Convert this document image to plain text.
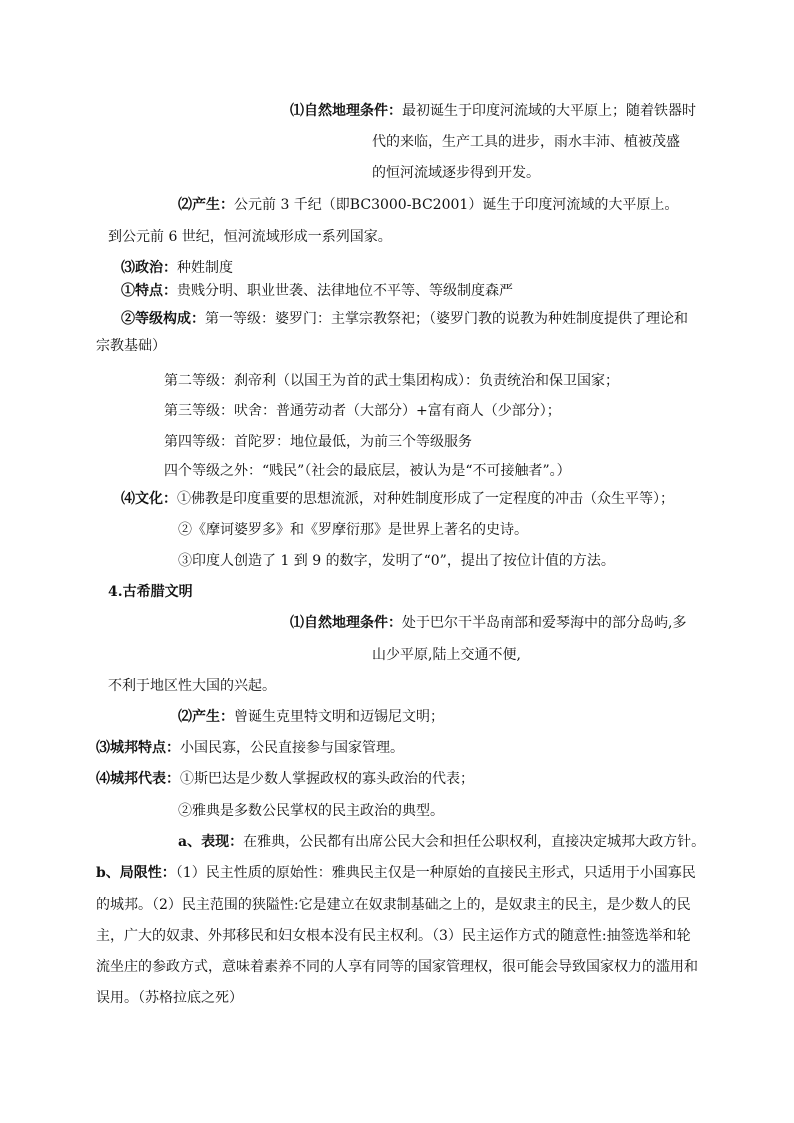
⑴自然地理条件：最初诞生于印度河流域的大平原上；随着铁器时
代的来临，生产工具的进步，雨水丰沛、植被茂盛
的恒河流域逐步得到开发。
⑵产生：公元前 3 千纪（即BC3000-BC2001）诞生于印度河流域的大平原上。
到公元前 6 世纪，恒河流域形成一系列国家。
⑶政治：种姓制度
①特点：贵贱分明、职业世袭、法律地位不平等、等级制度森严
②等级构成：第一等级：婆罗门：主掌宗教祭祀；（婆罗门教的说教为种姓制度提供了理论和
宗教基础）
第二等级：刹帝利（以国王为首的武士集团构成）：负责统治和保卫国家；
第三等级：吠舍：普通劳动者（大部分）+富有商人（少部分）；
第四等级：首陀罗：地位最低，为前三个等级服务
四个等级之外：“贱民”（社会的最底层，被认为是“不可接触者”。）
⑷文化：①佛教是印度重要的思想流派，对种姓制度形成了一定程度的冲击（众生平等）；
②《摩诃婆罗多》和《罗摩衍那》是世界上著名的史诗。
③印度人创造了 1 到 9 的数字，发明了“0”，提出了按位计值的方法。
4.古希腊文明
⑴自然地理条件：处于巴尔干半岛南部和爱琴海中的部分岛屿,多
山少平原,陆上交通不便,
不利于地区性大国的兴起。
⑵产生：曾诞生克里特文明和迈锡尼文明；
⑶城邦特点：小国民寡，公民直接参与国家管理。
⑷城邦代表：①斯巴达是少数人掌握政权的寡头政治的代表；
②雅典是多数公民掌权的民主政治的典型。
a、表现：在雅典，公民都有出席公民大会和担任公职权利，直接决定城邦大政方针。
b、局限性：（1）民主性质的原始性：雅典民主仅是一种原始的直接民主形式，只适用于小国寡民
的城邦。（2）民主范围的狭隘性:它是建立在奴隶制基础之上的，是奴隶主的民主，是少数人的民
主，广大的奴隶、外邦移民和妇女根本没有民主权利。（3）民主运作方式的随意性:抽签选举和轮
流坐庄的参政方式，意味着素养不同的人享有同等的国家管理权，很可能会导致国家权力的滥用和
误用。（苏格拉底之死）
